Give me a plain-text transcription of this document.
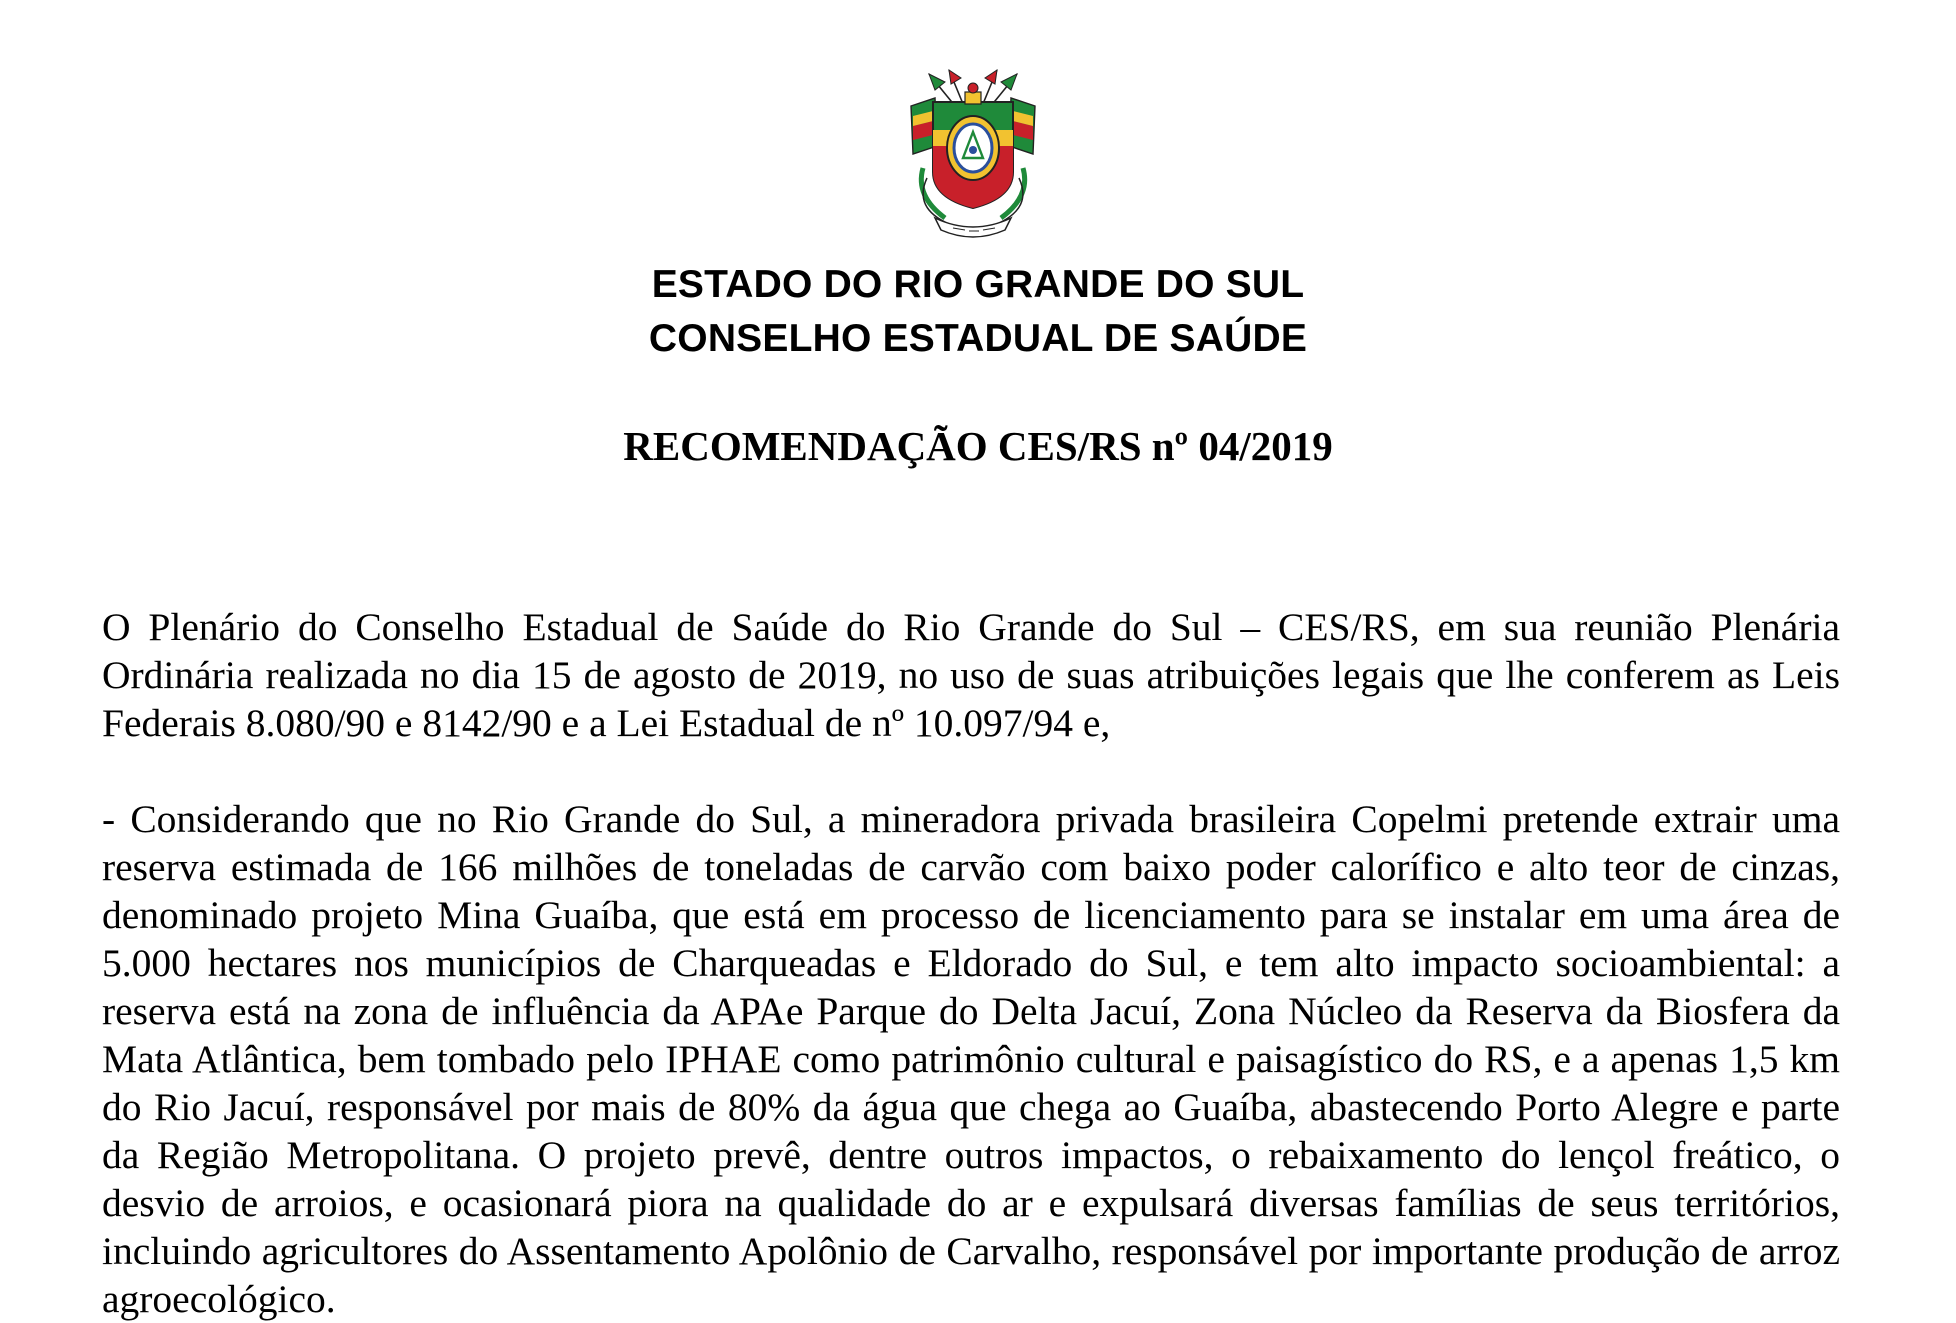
ESTADO DO RIO GRANDE DO SUL
CONSELHO ESTADUAL DE SAÚDE
RECOMENDAÇÃO CES/RS nº 04/2019

O Plenário do Conselho Estadual de Saúde do Rio Grande do Sul – CES/RS, em sua reunião Plenária Ordinária realizada no dia 15 de agosto de 2019, no uso de suas atribuições legais que lhe conferem as Leis Federais 8.080/90 e 8142/90 e a Lei Estadual de nº 10.097/94 e,

- Considerando que no Rio Grande do Sul, a mineradora privada brasileira Copelmi pretende extrair uma reserva estimada de 166 milhões de toneladas de carvão com baixo poder calorífico e alto teor de cinzas, denominado projeto Mina Guaíba, que está em processo de licenciamento para se instalar em uma área de 5.000 hectares nos municípios de Charqueadas e Eldorado do Sul, e tem alto impacto socioambiental: a reserva está na zona de influência da APAe Parque do Delta Jacuí, Zona Núcleo da Reserva da Biosfera da Mata Atlântica, bem tombado pelo IPHAE como patrimônio cultural e paisagístico do RS, e a apenas 1,5 km do Rio Jacuí, responsável por mais de 80% da água que chega ao Guaíba, abastecendo Porto Alegre e parte da Região Metropolitana. O projeto prevê, dentre outros impactos, o rebaixamento do lençol freático, o desvio de arroios, e ocasionará piora na qualidade do ar e expulsará diversas famílias de seus territórios, incluindo agricultores do Assentamento Apolônio de Carvalho, responsável por importante produção de arroz agroecológico.
